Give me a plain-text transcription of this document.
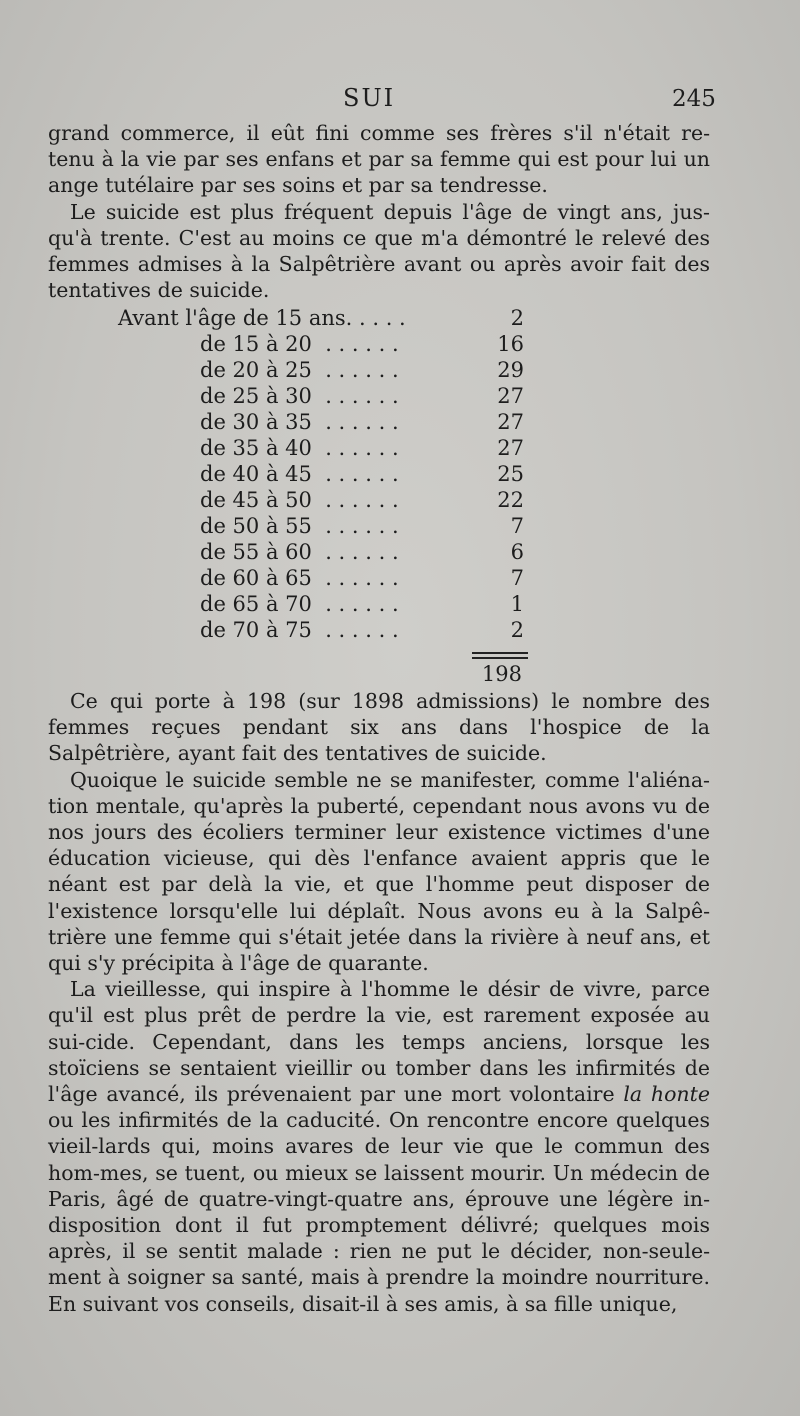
SUI	245

grand commerce, il eût fini comme ses frères s'il n'était re-tenu à la vie par ses enfans et par sa femme qui est pour lui un ange tutélaire par ses soins et par sa tendresse.

Le suicide est plus fréquent depuis l'âge de vingt ans, jus-qu'à trente. C'est au moins ce que m'a démontré le relevé des femmes admises à la Salpêtrière avant ou après avoir fait des tentatives de suicide.

Avant l'âge de 15 ans. . . . .	2
de 15 à 20  . . . . . .	16
de 20 à 25  . . . . . .	29
de 25 à 30  . . . . . .	27
de 30 à 35  . . . . . .	27
de 35 à 40  . . . . . .	27
de 40 à 45  . . . . . .	25
de 45 à 50  . . . . . .	22
de 50 à 55  . . . . . .	7
de 55 à 60  . . . . . .	6
de 60 à 65  . . . . . .	7
de 65 à 70  . . . . . .	1
de 70 à 75  . . . . . .	2
198

Ce qui porte à 198 (sur 1898 admissions) le nombre des femmes reçues pendant six ans dans l'hospice de la Salpêtrière, ayant fait des tentatives de suicide.

Quoique le suicide semble ne se manifester, comme l'aliéna-tion mentale, qu'après la puberté, cependant nous avons vu de nos jours des écoliers terminer leur existence victimes d'une éducation vicieuse, qui dès l'enfance avaient appris que le néant est par delà la vie, et que l'homme peut disposer de l'existence lorsqu'elle lui déplaît. Nous avons eu à la Salpê-trière une femme qui s'était jetée dans la rivière à neuf ans, et qui s'y précipita à l'âge de quarante.

La vieillesse, qui inspire à l'homme le désir de vivre, parce qu'il est plus prêt de perdre la vie, est rarement exposée au sui-cide. Cependant, dans les temps anciens, lorsque les stoïciens se sentaient vieillir ou tomber dans les infirmités de l'âge avancé, ils prévenaient par une mort volontaire la honte ou les infirmités de la caducité. On rencontre encore quelques vieil-lards qui, moins avares de leur vie que le commun des hom-mes, se tuent, ou mieux se laissent mourir. Un médecin de Paris, âgé de quatre-vingt-quatre ans, éprouve une légère in-disposition dont il fut promptement délivré; quelques mois après, il se sentit malade : rien ne put le décider, non-seule-ment à soigner sa santé, mais à prendre la moindre nourriture. En suivant vos conseils, disait-il à ses amis, à sa fille unique,
